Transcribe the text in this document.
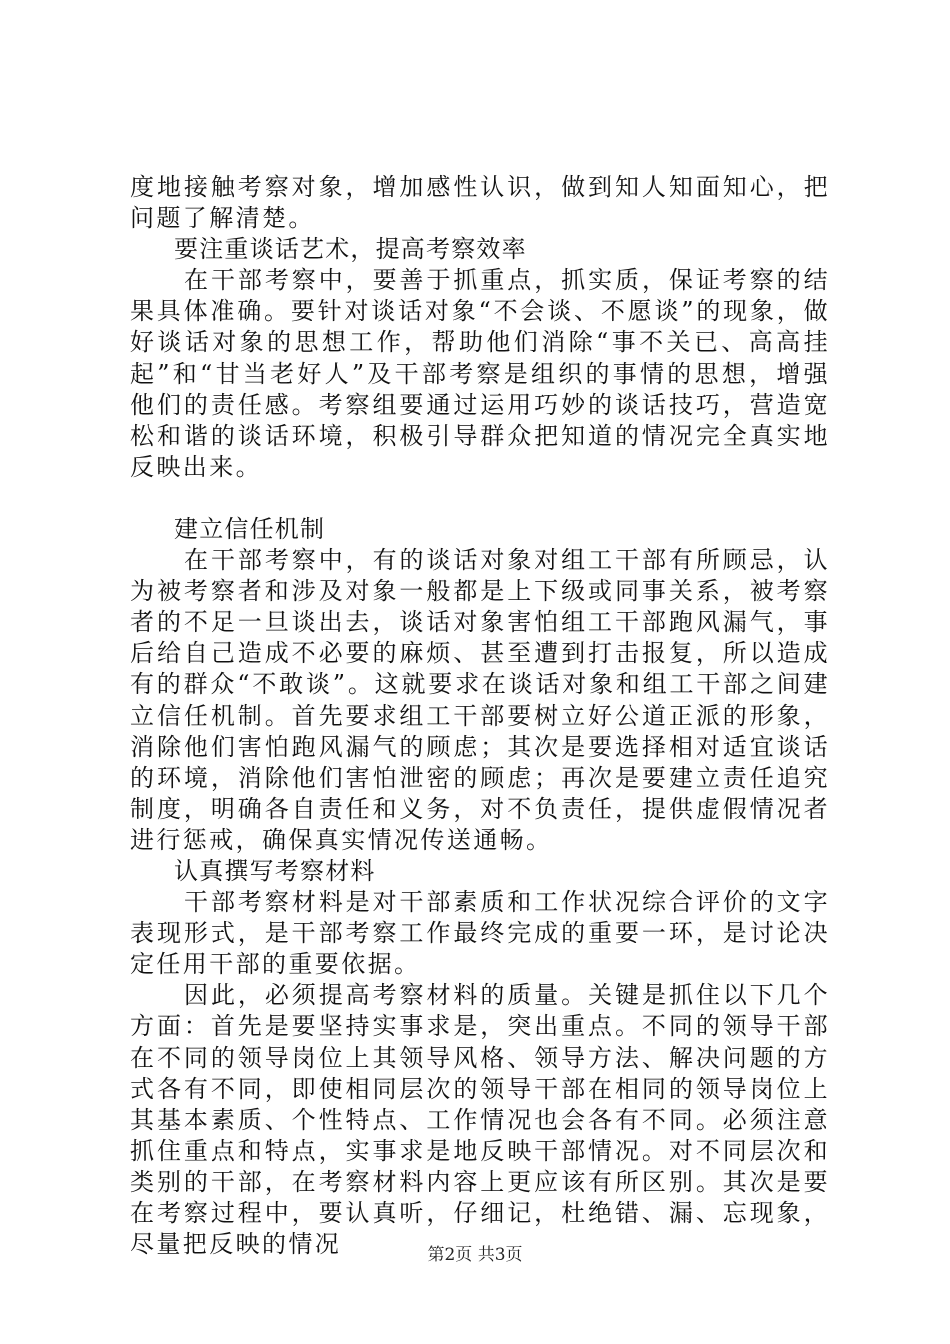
度地接触考察对象，增加感性认识，做到知人知面知心，把问题了解清楚。

要注重谈话艺术，提高考察效率

在干部考察中，要善于抓重点，抓实质，保证考察的结果具体准确。要针对谈话对象“不会谈、不愿谈”的现象，做好谈话对象的思想工作，帮助他们消除“事不关已、高高挂起”和“甘当老好人”及干部考察是组织的事情的思想，增强他们的责任感。考察组要通过运用巧妙的谈话技巧，营造宽松和谐的谈话环境，积极引导群众把知道的情况完全真实地反映出来。

建立信任机制

在干部考察中，有的谈话对象对组工干部有所顾忌，认为被考察者和涉及对象一般都是上下级或同事关系，被考察者的不足一旦谈出去，谈话对象害怕组工干部跑风漏气，事后给自己造成不必要的麻烦、甚至遭到打击报复，所以造成有的群众“不敢谈”。这就要求在谈话对象和组工干部之间建立信任机制。首先要求组工干部要树立好公道正派的形象，消除他们害怕跑风漏气的顾虑；其次是要选择相对适宜谈话的环境，消除他们害怕泄密的顾虑；再次是要建立责任追究制度，明确各自责任和义务，对不负责任，提供虚假情况者进行惩戒，确保真实情况传送通畅。

认真撰写考察材料

干部考察材料是对干部素质和工作状况综合评价的文字表现形式，是干部考察工作最终完成的重要一环，是讨论决定任用干部的重要依据。

因此，必须提高考察材料的质量。关键是抓住以下几个方面：首先是要坚持实事求是，突出重点。不同的领导干部在不同的领导岗位上其领导风格、领导方法、解决问题的方式各有不同，即使相同层次的领导干部在相同的领导岗位上其基本素质、个性特点、工作情况也会各有不同。必须注意抓住重点和特点，实事求是地反映干部情况。对不同层次和类别的干部，在考察材料内容上更应该有所区别。其次是要在考察过程中，要认真听，仔细记，杜绝错、漏、忘现象，尽量把反映的情况	第2页 共3页
